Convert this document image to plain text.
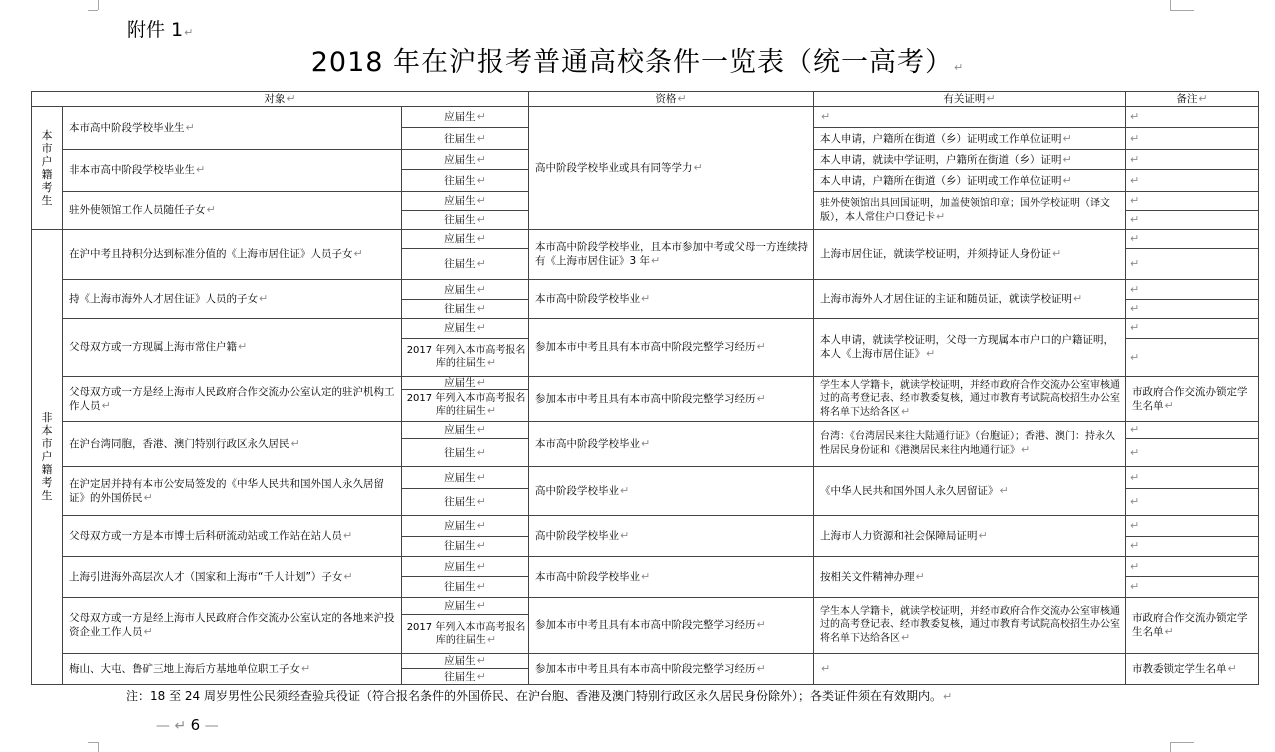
附件 1↵
2018 年在沪报考普通高校条件一览表（统一高考）↵
对象↵			资格↵	有关证明↵	备注↵

本市户籍考生	本市高中阶段学校毕业生↵	应届生↵	高中阶段学校毕业或具有同等学力↵	↵	↵
		往届生↵		本人申请，户籍所在街道（乡）证明或工作单位证明↵	↵
	非本市高中阶段学校毕业生↵	应届生↵		本人申请，就读中学证明，户籍所在街道（乡）证明↵	↵
		往届生↵		本人申请，户籍所在街道（乡）证明或工作单位证明↵	↵
	驻外使领馆工作人员随任子女↵	应届生↵		驻外使领馆出具回国证明，加盖使领馆印章；国外学校证明（译文版），本人常住户口登记卡↵	↵
		往届生↵			↵

非本市户籍考生	在沪中考且持积分达到标准分值的《上海市居住证》人员子女↵	应届生↵	本市高中阶段学校毕业，且本市参加中考或父母一方连续持有《上海市居住证》3 年↵	上海市居住证，就读学校证明，并须持证人身份证↵	↵
		往届生↵			↵
	持《上海市海外人才居住证》人员的子女↵	应届生↵	本市高中阶段学校毕业↵	上海市海外人才居住证的主证和随员证，就读学校证明↵	↵
		往届生↵			↵
	父母双方或一方现属上海市常住户籍↵	应届生↵	参加本市中考且具有本市高中阶段完整学习经历↵	本人申请，就读学校证明，父母一方现属本市户口的户籍证明，本人《上海市居住证》↵	↵
		2017 年列入本市高考报名库的往届生↵			↵
	父母双方或一方是经上海市人民政府合作交流办公室认定的驻沪机构工作人员↵	应届生↵	参加本市中考且具有本市高中阶段完整学习经历↵	学生本人学籍卡，就读学校证明，并经市政府合作交流办公室审核通过的高考登记表、经市教委复核，通过市教育考试院高校招生办公室将名单下达给各区↵	市政府合作交流办锁定学生名单↵
		2017 年列入本市高考报名库的往届生↵			
	在沪台湾同胞，香港、澳门特别行政区永久居民↵	应届生↵	本市高中阶段学校毕业↵	台湾：《台湾居民来往大陆通行证》（台胞证）；香港、澳门：持永久性居民身份证和《港澳居民来往内地通行证》↵	↵
		往届生↵			↵
	在沪定居并持有本市公安局签发的《中华人民共和国外国人永久居留证》的外国侨民↵	应届生↵	高中阶段学校毕业↵	《中华人民共和国外国人永久居留证》↵	↵
		往届生↵			↵
	父母双方或一方是本市博士后科研流动站或工作站在站人员↵	应届生↵	高中阶段学校毕业↵	上海市人力资源和社会保障局证明↵	↵
		往届生↵			↵
	上海引进海外高层次人才（国家和上海市“千人计划”）子女↵	应届生↵	本市高中阶段学校毕业↵	按相关文件精神办理↵	↵
		往届生↵			↵
	父母双方或一方是经上海市人民政府合作交流办公室认定的各地来沪投资企业工作人员↵	应届生↵	参加本市中考且具有本市高中阶段完整学习经历↵	学生本人学籍卡，就读学校证明，并经市政府合作交流办公室审核通过的高考登记表、经市教委复核，通过市教育考试院高校招生办公室将名单下达给各区↵	市政府合作交流办锁定学生名单↵
		2017 年列入本市高考报名库的往届生↵			
	梅山、大屯、鲁矿三地上海后方基地单位职工子女↵	应届生↵	参加本市中考且具有本市高中阶段完整学习经历↵	↵	市教委锁定学生名单↵
		往届生↵			
注：18 至 24 周岁男性公民须经查验兵役证（符合报名条件的外国侨民、在沪台胞、香港及澳门特别行政区永久居民身份除外）；各类证件须在有效期内。↵
— ↵ 6 —
